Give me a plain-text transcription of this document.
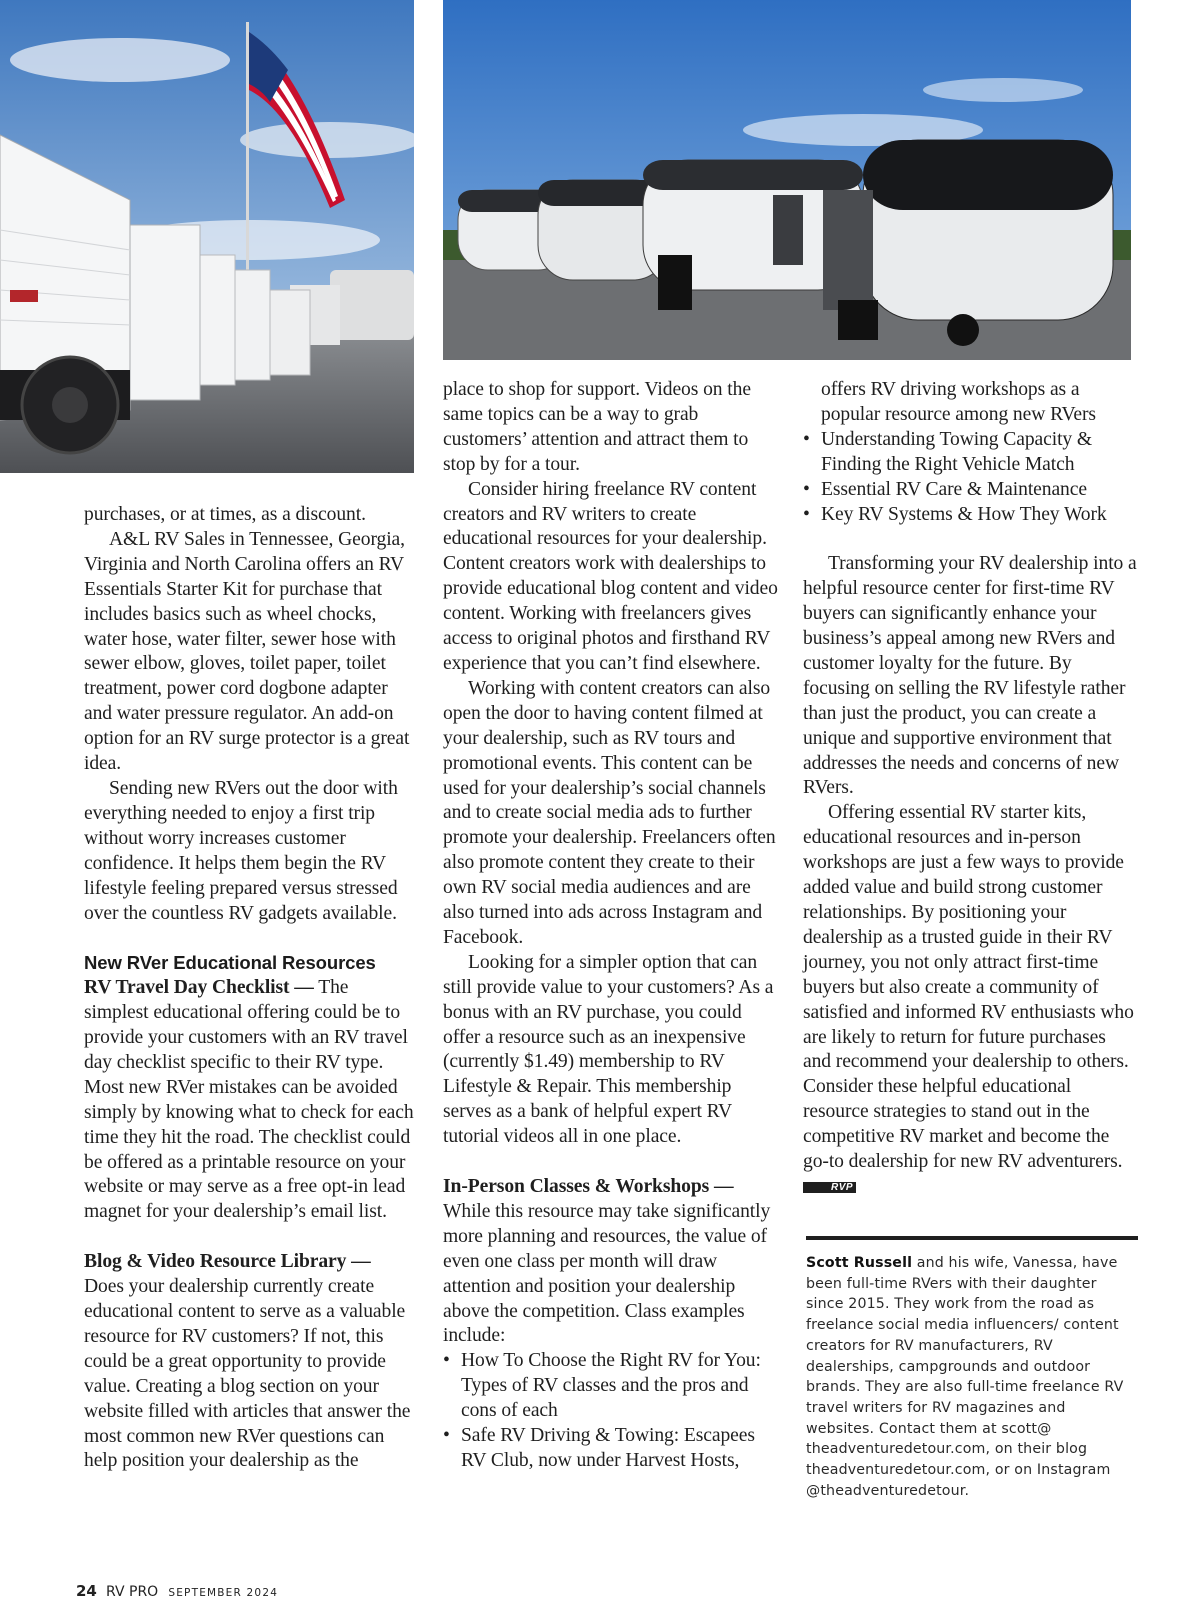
purchases, or at times, as a discount.

A&L RV Sales in Tennessee, Georgia, Virginia and North Carolina offers an RV Essentials Starter Kit for purchase that includes basics such as wheel chocks, water hose, water filter, sewer hose with sewer elbow, gloves, toilet paper, toilet treatment, power cord dogbone adapter and water pressure regulator. An add-on option for an RV surge protector is a great idea.

Sending new RVers out the door with everything needed to enjoy a first trip without worry increases customer confidence. It helps them begin the RV lifestyle feeling prepared versus stressed over the countless RV gadgets available.

New RVer Educational Resources

RV Travel Day Checklist — The simplest educational offering could be to provide your customers with an RV travel day checklist specific to their RV type. Most new RVer mistakes can be avoided simply by knowing what to check for each time they hit the road. The checklist could be offered as a printable resource on your website or may serve as a free opt-in lead magnet for your dealership’s email list.

Blog & Video Resource Library —
Does your dealership currently create educational content to serve as a valuable resource for RV customers? If not, this could be a great opportunity to provide value. Creating a blog section on your website filled with articles that answer the most common new RVer questions can help position your dealership as the

place to shop for support. Videos on the same topics can be a way to grab customers’ attention and attract them to stop by for a tour.

Consider hiring freelance RV content creators and RV writers to create educational resources for your dealership. Content creators work with dealerships to provide educational blog content and video content. Working with freelancers gives access to original photos and firsthand RV experience that you can’t find elsewhere.

Working with content creators can also open the door to having content filmed at your dealership, such as RV tours and promotional events. This content can be used for your dealership’s social channels and to create social media ads to further promote your dealership. Freelancers often also promote content they create to their own RV social media audiences and are also turned into ads across Instagram and Facebook.

Looking for a simpler option that can still provide value to your customers? As a bonus with an RV purchase, you could offer a resource such as an inexpensive (currently $1.49) membership to RV Lifestyle & Repair. This membership serves as a bank of helpful expert RV tutorial videos all in one place.

In-Person Classes & Workshops —
While this resource may take significantly more planning and resources, the value of even one class per month will draw attention and position your dealership above the competition. Class examples include:

• How To Choose the Right RV for You: Types of RV classes and the pros and cons of each
• Safe RV Driving & Towing: Escapees RV Club, now under Harvest Hosts,

offers RV driving workshops as a popular resource among new RVers

• Understanding Towing Capacity & Finding the Right Vehicle Match
• Essential RV Care & Maintenance
• Key RV Systems & How They Work

Transforming your RV dealership into a helpful resource center for first-time RV buyers can significantly enhance your business’s appeal among new RVers and customer loyalty for the future. By focusing on selling the RV lifestyle rather than just the product, you can create a unique and supportive environment that addresses the needs and concerns of new RVers.

Offering essential RV starter kits, educational resources and in-person workshops are just a few ways to provide added value and build strong customer relationships. By positioning your dealership as a trusted guide in their RV journey, you not only attract first-time buyers but also create a community of satisfied and informed RV enthusiasts who are likely to return for future purchases and recommend your dealership to others. Consider these helpful educational resource strategies to stand out in the competitive RV market and become the go-to dealership for new RV adventurers. RVP

Scott Russell and his wife, Vanessa, have been full-time RVers with their daughter since 2015. They work from the road as freelance social media influencers/ content creators for RV manufacturers, RV dealerships, campgrounds and outdoor brands. They are also full-time freelance RV travel writers for RV magazines and websites. Contact them at scott@ theadventuredetour.com, on their blog theadventuredetour.com, or on Instagram @theadventuredetour.
24 RV PRO SEPTEMBER 2024
